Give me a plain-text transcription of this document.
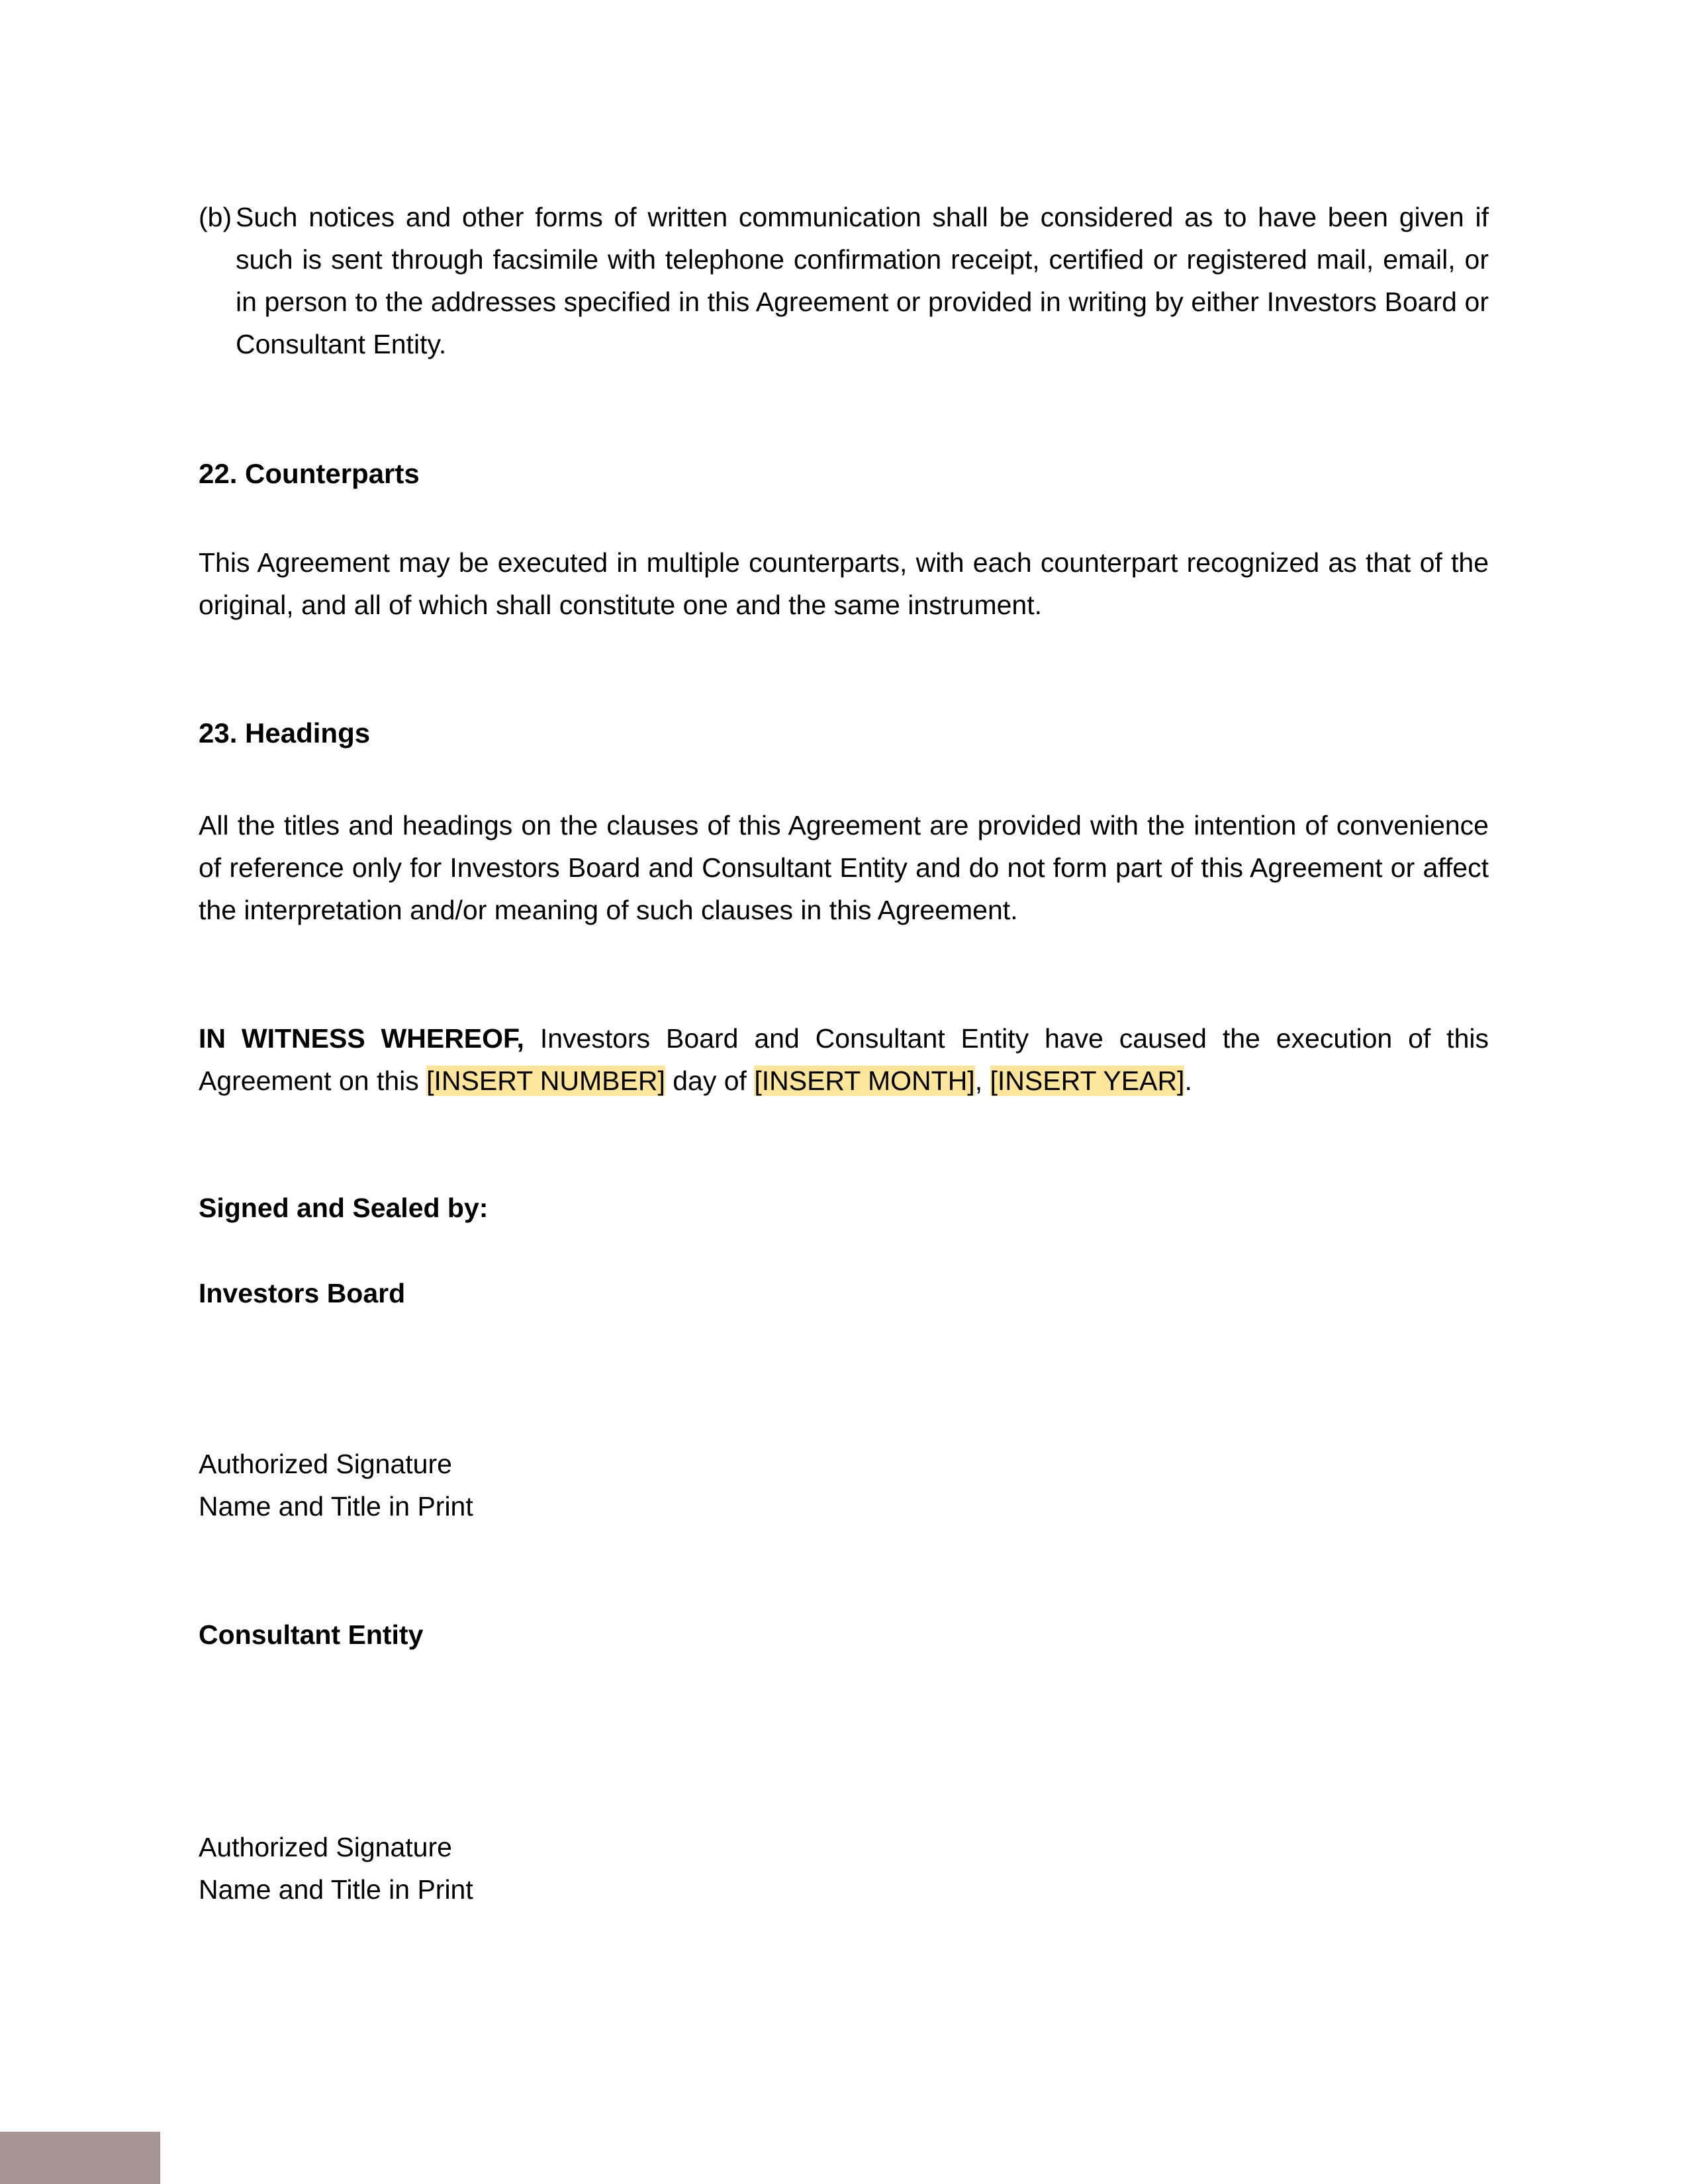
(b) Such notices and other forms of written communication shall be considered as to have been given if such is sent through facsimile with telephone confirmation receipt, certified or registered mail, email, or in person to the addresses specified in this Agreement or provided in writing by either Investors Board or Consultant Entity.
22. Counterparts

This Agreement may be executed in multiple counterparts, with each counterpart recognized as that of the original, and all of which shall constitute one and the same instrument.

23. Headings

All the titles and headings on the clauses of this Agreement are provided with the intention of convenience of reference only for Investors Board and Consultant Entity and do not form part of this Agreement or affect the interpretation and/or meaning of such clauses in this Agreement.

IN WITNESS WHEREOF, Investors Board and Consultant Entity have caused the execution of this Agreement on this [INSERT NUMBER] day of [INSERT MONTH], [INSERT YEAR].

Signed and Sealed by:
Investors Board
Authorized Signature
Name and Title in Print
Consultant Entity
Authorized Signature
Name and Title in Print
